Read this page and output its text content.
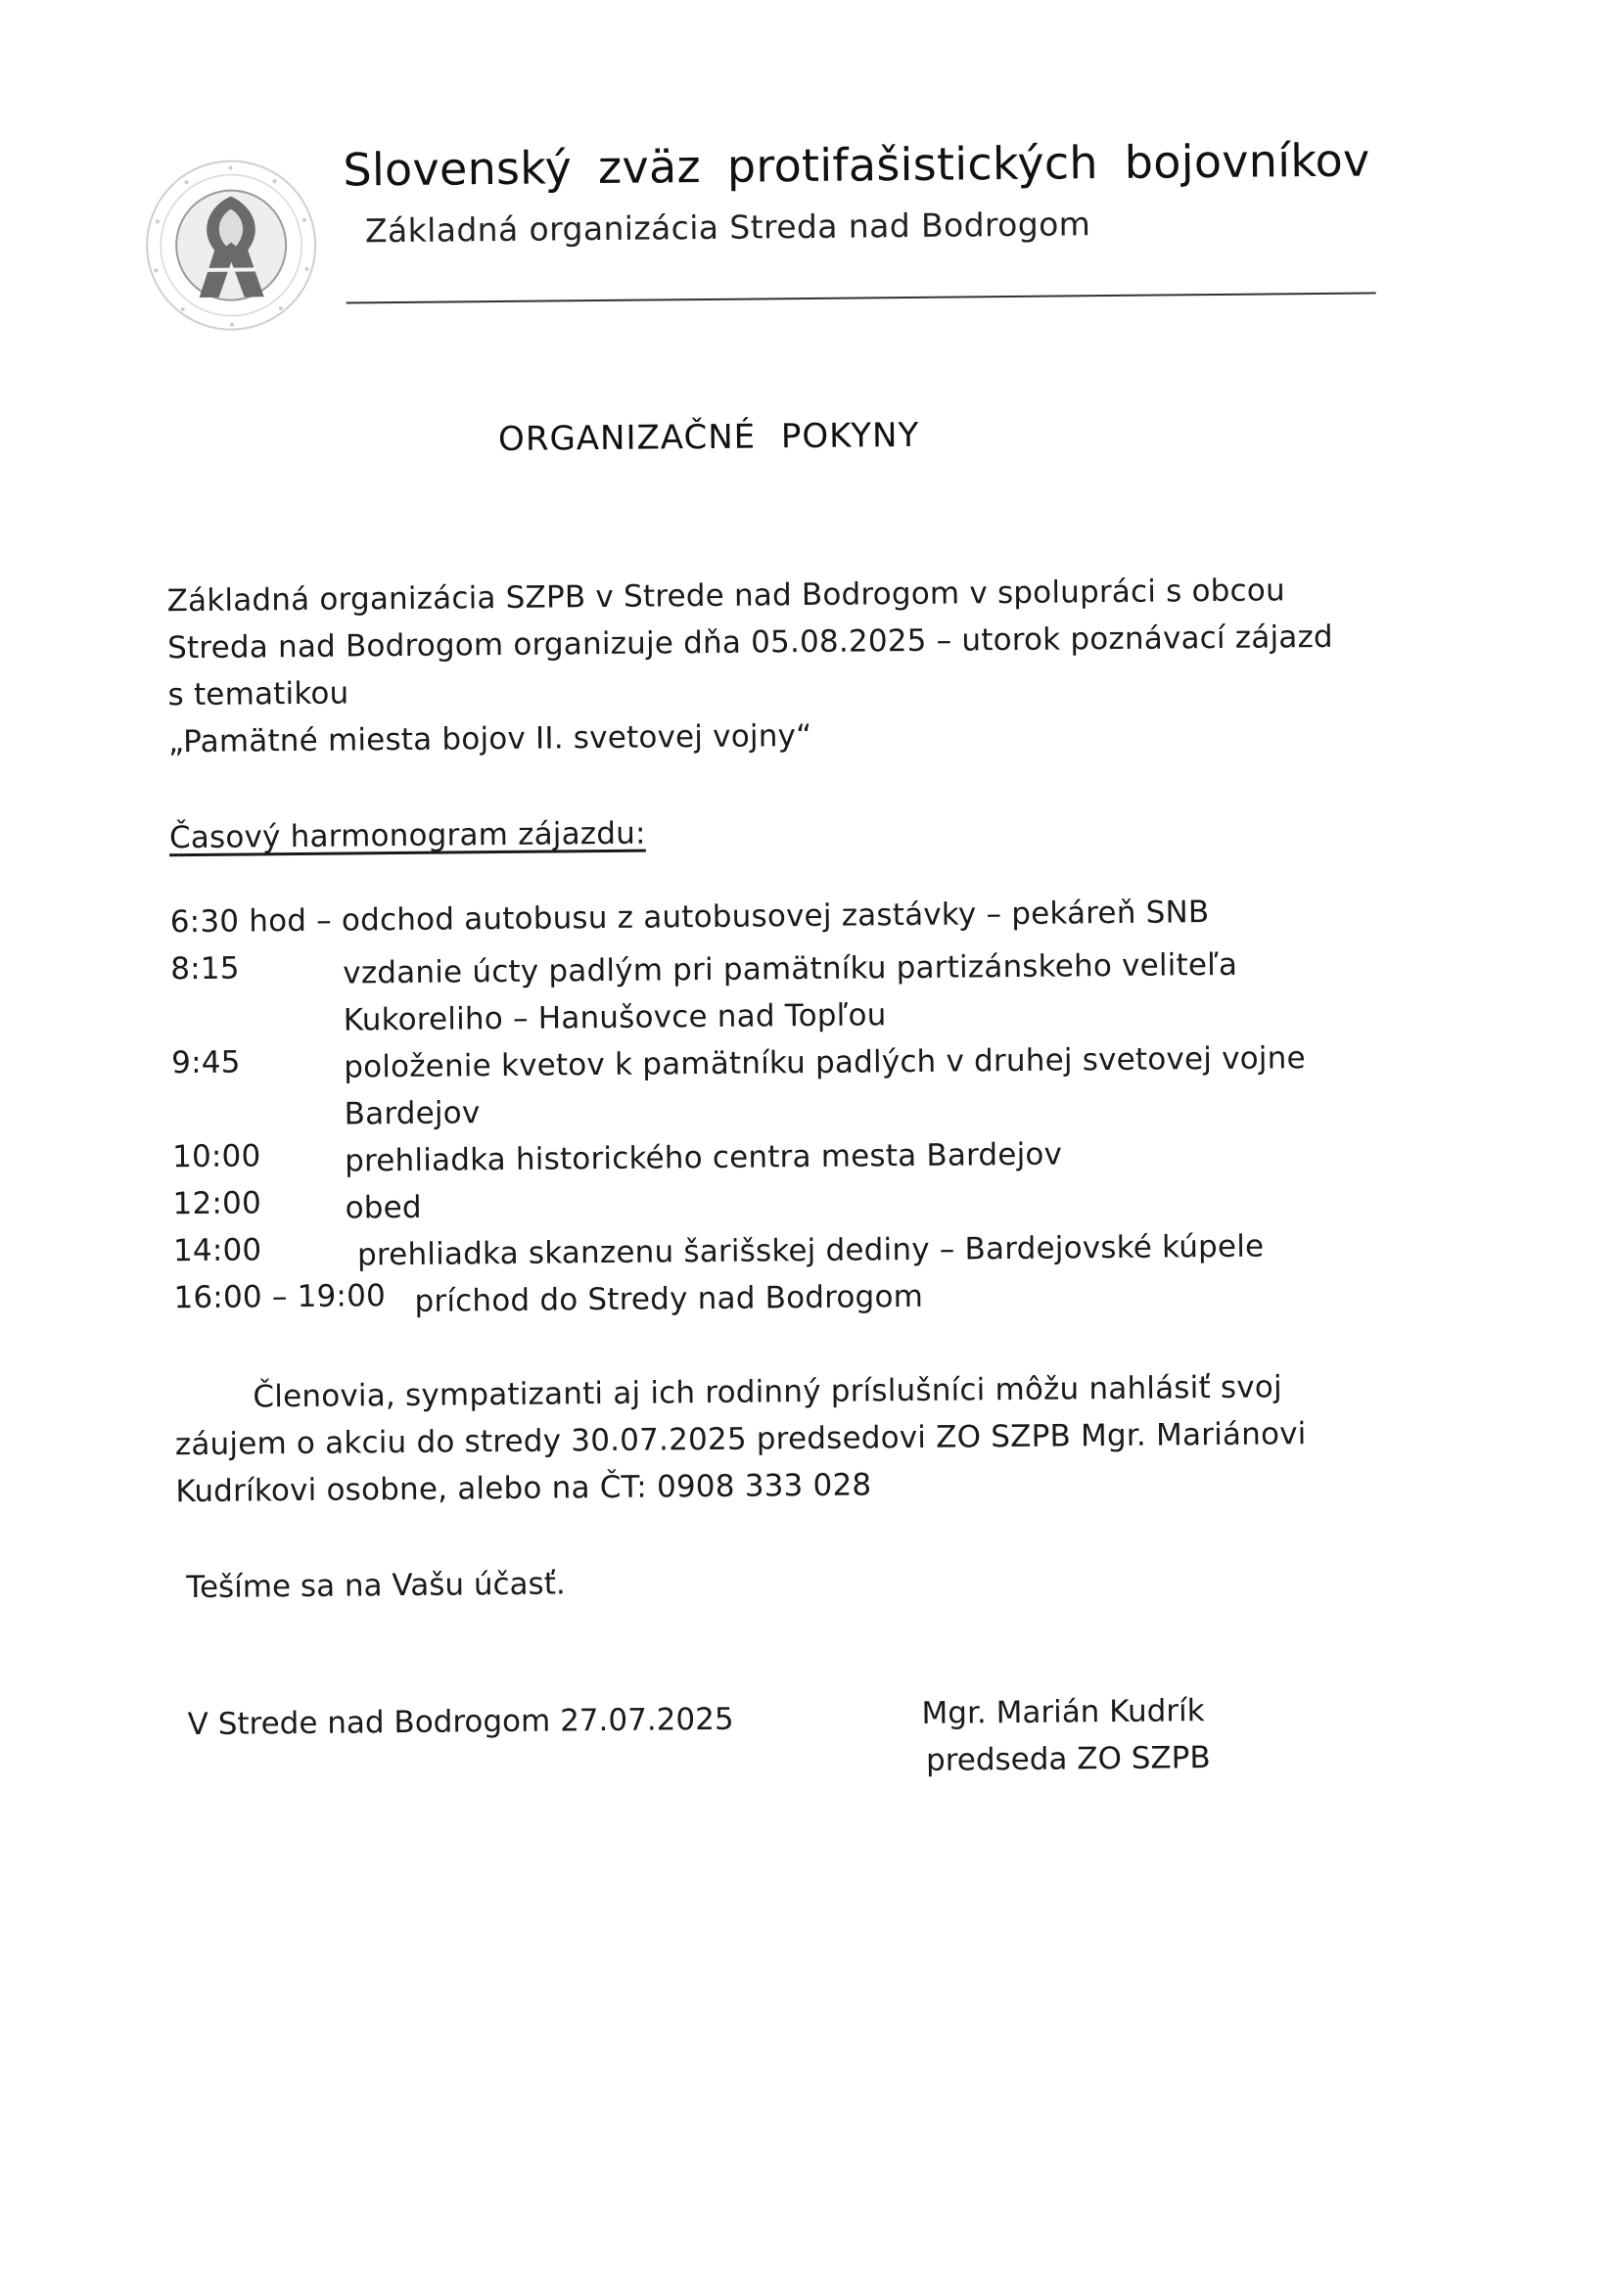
Slovenský zväz protifašistických bojovníkov
Základná organizácia Streda nad Bodrogom
ORGANIZAČNÉ POKYNY
Základná organizácia SZPB v Strede nad Bodrogom v spolupráci s obcou
Streda nad Bodrogom organizuje dňa 05.08.2025 – utorok poznávací zájazd
s tematikou
„Pamätné miesta bojov II. svetovej vojny“
Časový harmonogram zájazdu:
6:30 hod – odchod autobusu z autobusovej zastávky – pekáreň SNB
8:15	vzdanie úcty padlým pri pamätníku partizánskeho veliteľa
Kukoreliho – Hanušovce nad Topľou
9:45	položenie kvetov k pamätníku padlých v druhej svetovej vojne
Bardejov
10:00	prehliadka historického centra mesta Bardejov
12:00	obed
14:00	prehliadka skanzenu šarišskej dediny – Bardejovské kúpele
16:00 – 19:00 príchod do Stredy nad Bodrogom
Členovia, sympatizanti aj ich rodinný príslušníci môžu nahlásiť svoj
záujem o akciu do stredy 30.07.2025 predsedovi ZO SZPB Mgr. Mariánovi
Kudríkovi osobne, alebo na ČT: 0908 333 028
Tešíme sa na Vašu účasť.
V Strede nad Bodrogom 27.07.2025	Mgr. Marián Kudrík
predseda ZO SZPB
